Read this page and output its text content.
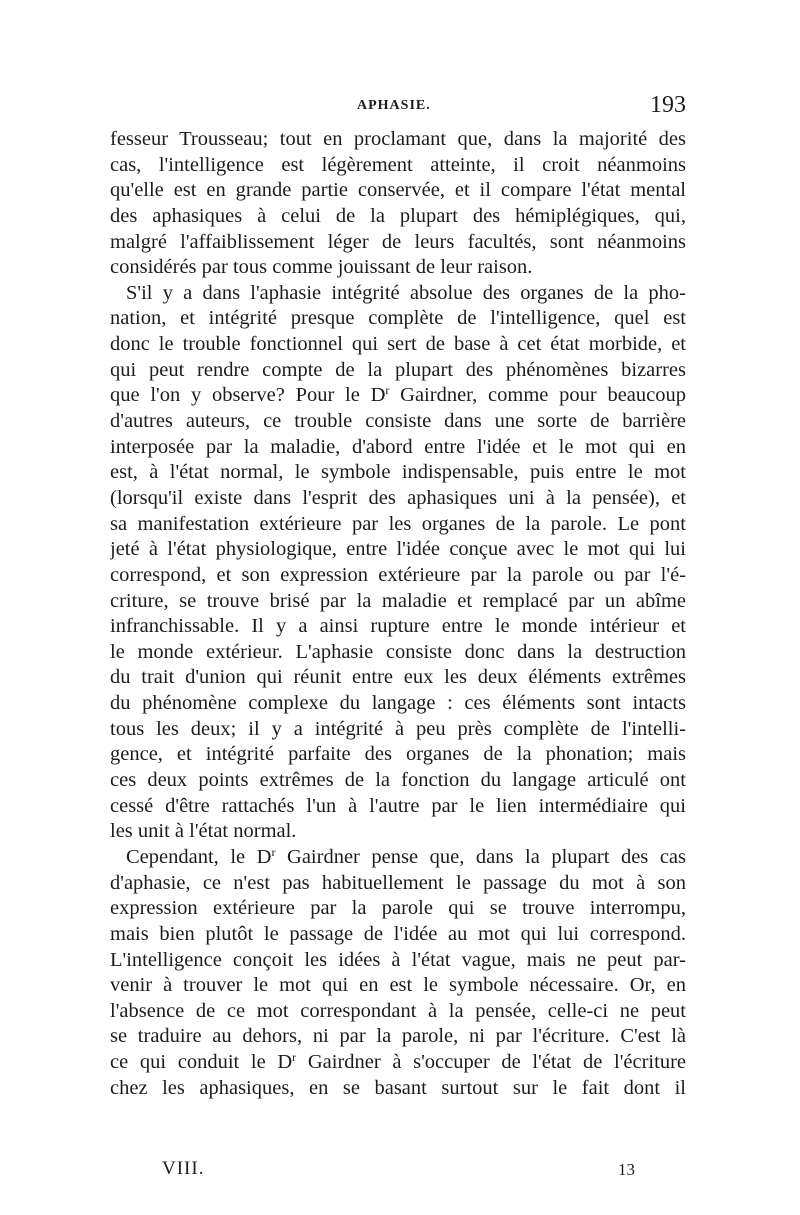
APHASIE.	193
fesseur Trousseau; tout en proclamant que, dans la majorité des
cas, l'intelligence est légèrement atteinte, il croit néanmoins
qu'elle est en grande partie conservée, et il compare l'état mental
des aphasiques à celui de la plupart des hémiplégiques, qui,
malgré l'affaiblissement léger de leurs facultés, sont néanmoins
considérés par tous comme jouissant de leur raison.
S'il y a dans l'aphasie intégrité absolue des organes de la pho-
nation, et intégrité presque complète de l'intelligence, quel est
donc le trouble fonctionnel qui sert de base à cet état morbide, et
qui peut rendre compte de la plupart des phénomènes bizarres
que l'on y observe? Pour le $D^r$ Gairdner, comme pour beaucoup
d'autres auteurs, ce trouble consiste dans une sorte de barrière
interposée par la maladie, d'abord entre l'idée et le mot qui en
est, à l'état normal, le symbole indispensable, puis entre le mot
(lorsqu'il existe dans l'esprit des aphasiques uni à la pensée), et
sa manifestation extérieure par les organes de la parole. Le pont
jeté à l'état physiologique, entre l'idée conçue avec le mot qui lui
correspond, et son expression extérieure par la parole ou par l'é-
criture, se trouve brisé par la maladie et remplacé par un abîme
infranchissable. Il y a ainsi rupture entre le monde intérieur et
le monde extérieur. L'aphasie consiste donc dans la destruction
du trait d'union qui réunit entre eux les deux éléments extrêmes
du phénomène complexe du langage : ces éléments sont intacts
tous les deux; il y a intégrité à peu près complète de l'intelli-
gence, et intégrité parfaite des organes de la phonation; mais
ces deux points extrêmes de la fonction du langage articulé ont
cessé d'être rattachés l'un à l'autre par le lien intermédiaire qui
les unit à l'état normal.
Cependant, le $D^r$ Gairdner pense que, dans la plupart des cas
d'aphasie, ce n'est pas habituellement le passage du mot à son
expression extérieure par la parole qui se trouve interrompu,
mais bien plutôt le passage de l'idée au mot qui lui correspond.
L'intelligence conçoit les idées à l'état vague, mais ne peut par-
venir à trouver le mot qui en est le symbole nécessaire. Or, en
l'absence de ce mot correspondant à la pensée, celle-ci ne peut
se traduire au dehors, ni par la parole, ni par l'écriture. C'est là
ce qui conduit le $D^r$ Gairdner à s'occuper de l'état de l'écriture
chez les aphasiques, en se basant surtout sur le fait dont il
VIII.	13
